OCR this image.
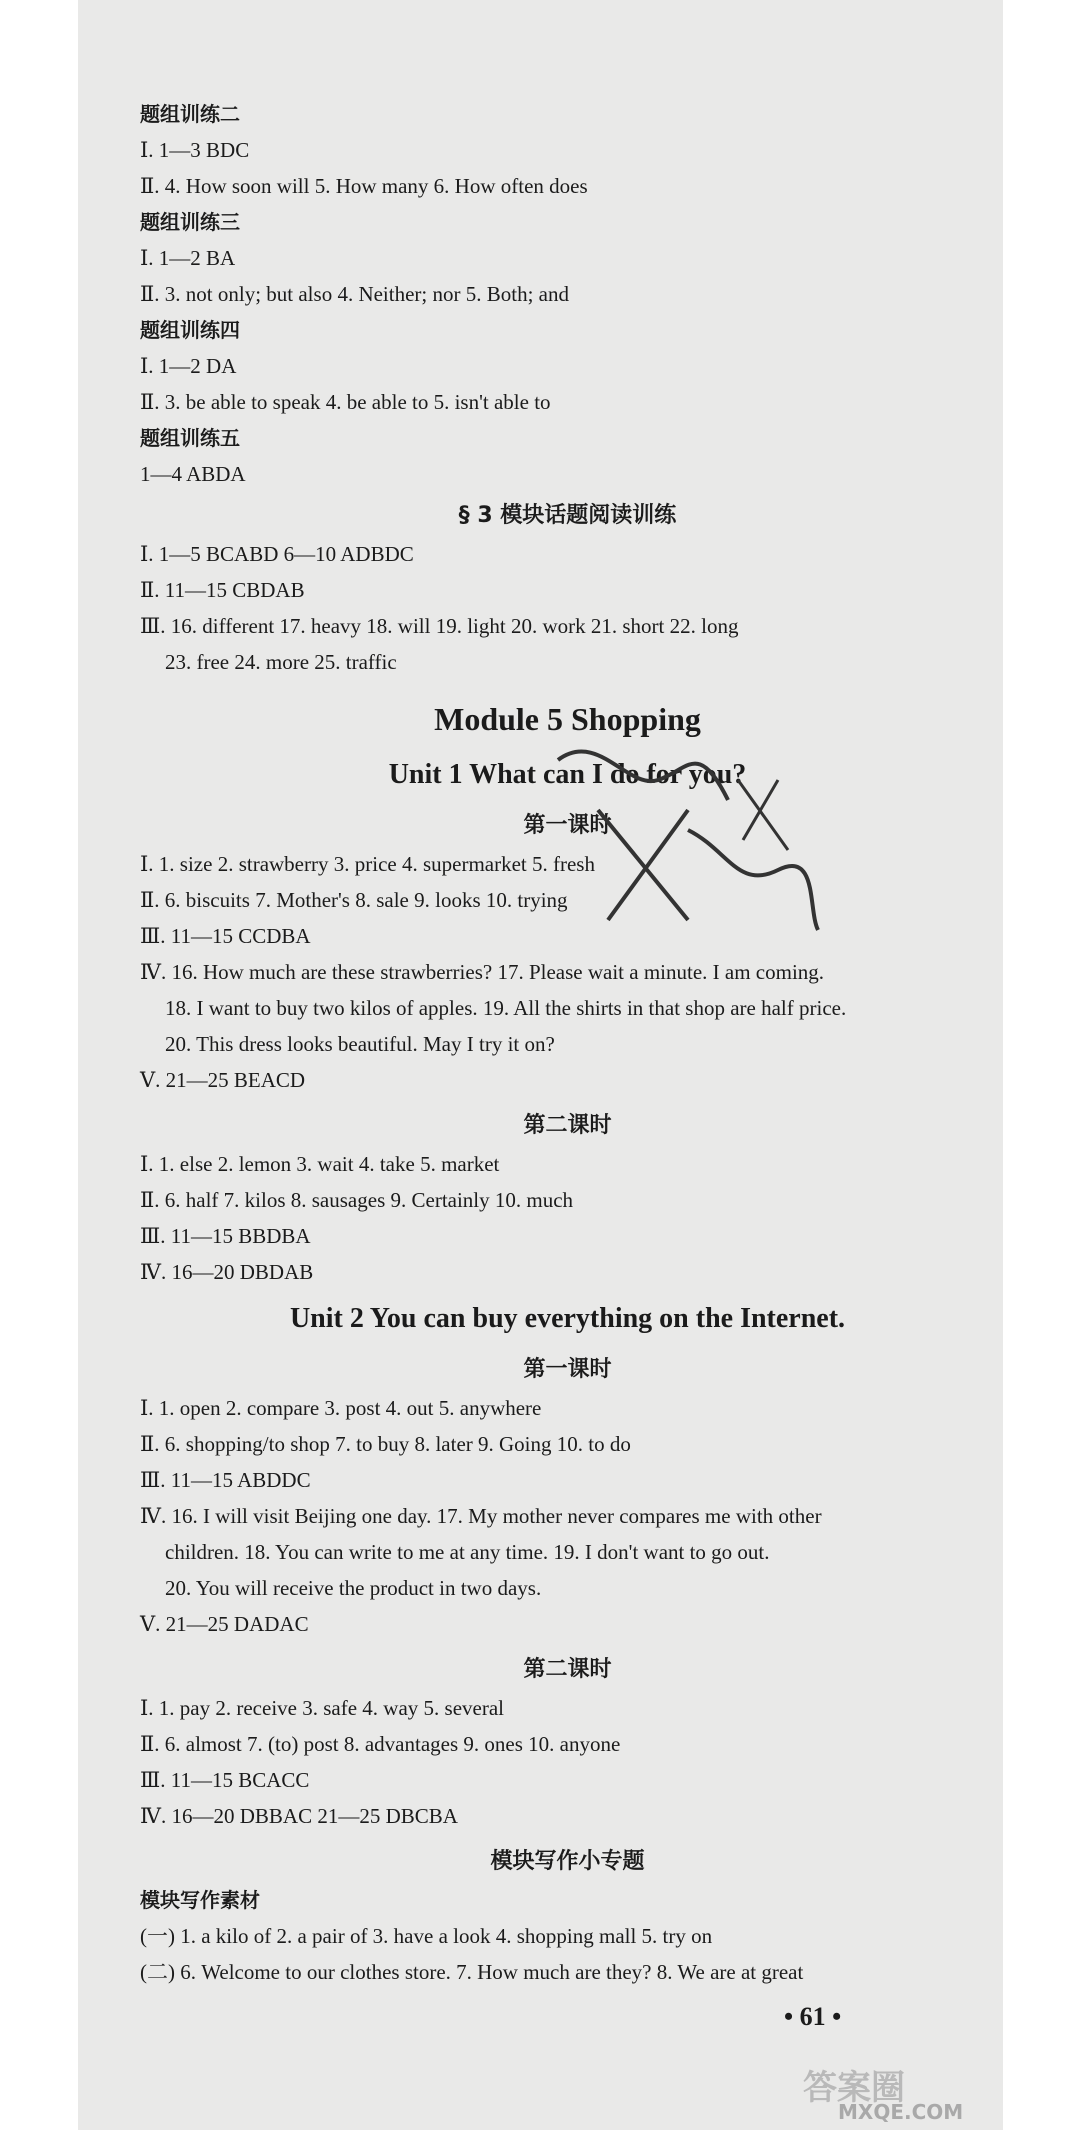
题组训练二
Ⅰ. 1—3 BDC
Ⅱ. 4. How soon will 5. How many 6. How often does
题组训练三
Ⅰ. 1—2 BA
Ⅱ. 3. not only; but also 4. Neither; nor 5. Both; and
题组训练四
Ⅰ. 1—2 DA
Ⅱ. 3. be able to speak 4. be able to 5. isn't able to
题组训练五
1—4 ABDA
§ 3 模块话题阅读训练
Ⅰ. 1—5 BCABD 6—10 ADBDC
Ⅱ. 11—15 CBDAB
Ⅲ. 16. different 17. heavy 18. will 19. light 20. work 21. short 22. long
23. free 24. more 25. traffic
Module 5 Shopping
Unit 1 What can I do for you?
第一课时
Ⅰ. 1. size 2. strawberry 3. price 4. supermarket 5. fresh
Ⅱ. 6. biscuits 7. Mother's 8. sale 9. looks 10. trying
Ⅲ. 11—15 CCDBA
Ⅳ. 16. How much are these strawberries? 17. Please wait a minute. I am coming.
18. I want to buy two kilos of apples. 19. All the shirts in that shop are half price.
20. This dress looks beautiful. May I try it on?
Ⅴ. 21—25 BEACD
第二课时
Ⅰ. 1. else 2. lemon 3. wait 4. take 5. market
Ⅱ. 6. half 7. kilos 8. sausages 9. Certainly 10. much
Ⅲ. 11—15 BBDBA
Ⅳ. 16—20 DBDAB
Unit 2 You can buy everything on the Internet.
第一课时
Ⅰ. 1. open 2. compare 3. post 4. out 5. anywhere
Ⅱ. 6. shopping/to shop 7. to buy 8. later 9. Going 10. to do
Ⅲ. 11—15 ABDDC
Ⅳ. 16. I will visit Beijing one day. 17. My mother never compares me with other
children. 18. You can write to me at any time. 19. I don't want to go out.
20. You will receive the product in two days.
Ⅴ. 21—25 DADAC
第二课时
Ⅰ. 1. pay 2. receive 3. safe 4. way 5. several
Ⅱ. 6. almost 7. (to) post 8. advantages 9. ones 10. anyone
Ⅲ. 11—15 BCACC
Ⅳ. 16—20 DBBAC 21—25 DBCBA
模块写作小专题
模块写作素材
(一) 1. a kilo of 2. a pair of 3. have a look 4. shopping mall 5. try on
(二) 6. Welcome to our clothes store. 7. How much are they? 8. We are at great
• 61 •
答案圈
MXQE.COM
